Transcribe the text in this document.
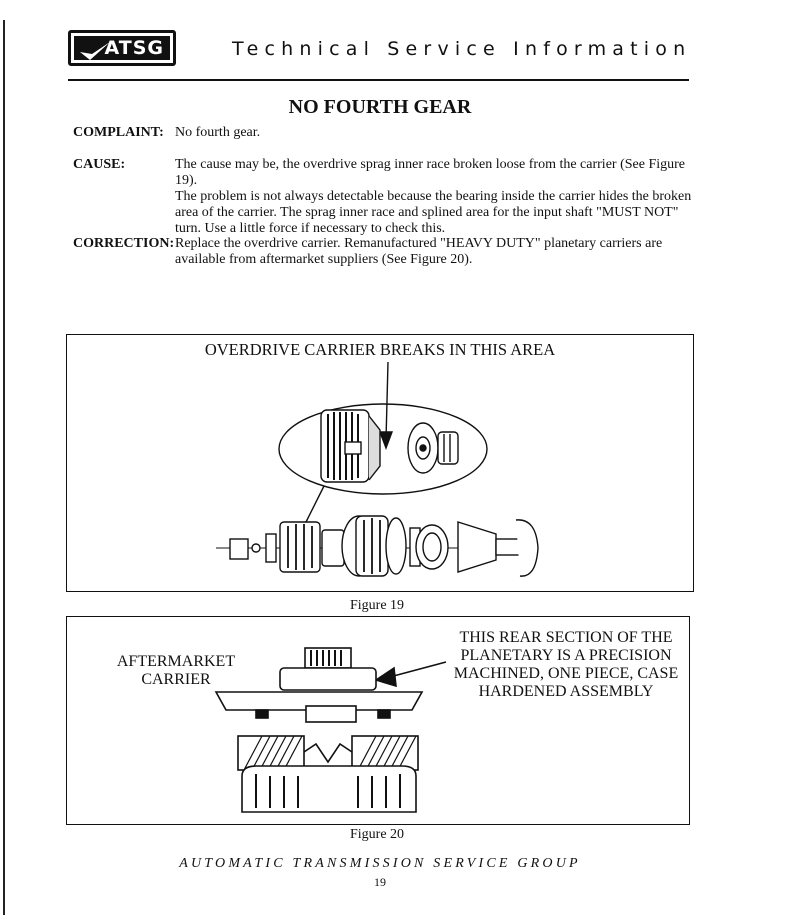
ATSG	Technical Service Information
NO FOURTH GEAR
COMPLAINT: No fourth gear.
CAUSE:	The cause may be, the overdrive sprag inner race broken loose from the carrier (See Figure 19).
The problem is not always detectable because the bearing inside the carrier hides the broken
area of the carrier. The sprag inner race and splined area for the input shaft "MUST NOT"
turn. Use a little force if necessary to check this.
CORRECTION: Replace the overdrive carrier. Remanufactured "HEAVY DUTY" planetary carriers are
available from aftermarket suppliers (See Figure 20).
OVERDRIVE CARRIER BREAKS IN THIS AREA
Figure 19
AFTERMARKET
CARRIER
THIS REAR SECTION OF THE
PLANETARY IS A PRECISION
MACHINED, ONE PIECE, CASE
HARDENED ASSEMBLY
Figure 20
AUTOMATIC TRANSMISSION SERVICE GROUP
19
